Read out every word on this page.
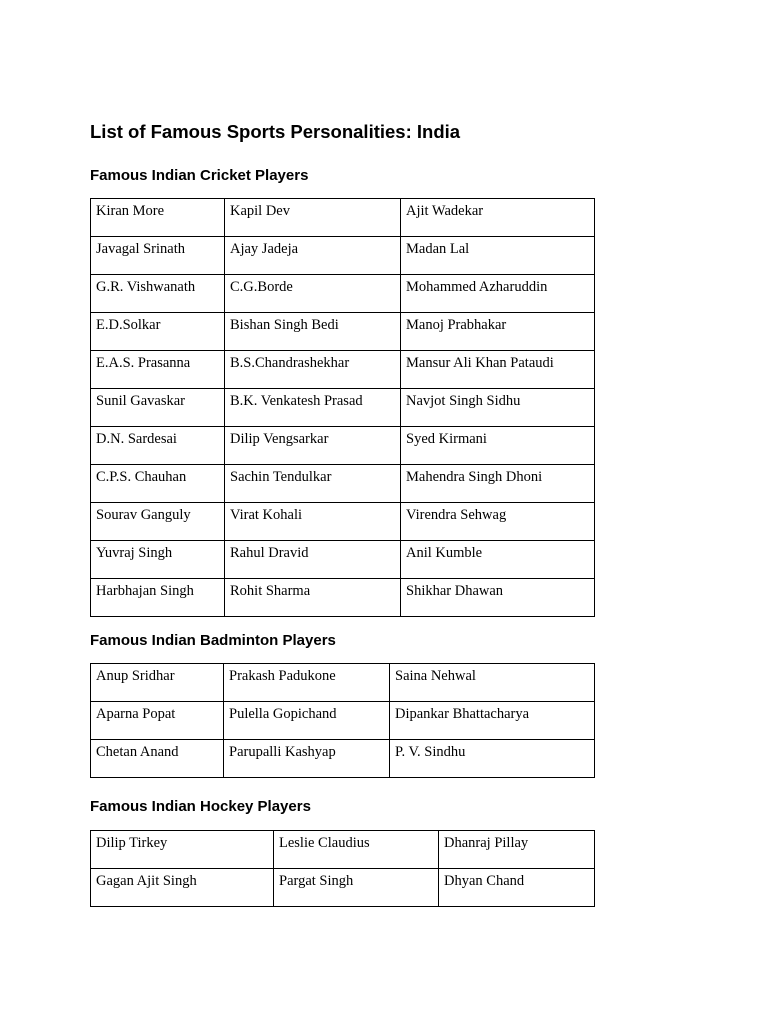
List of Famous Sports Personalities: India
Famous Indian Cricket Players
Kiran More	Kapil Dev	Ajit Wadekar
Javagal Srinath	Ajay Jadeja	Madan Lal
G.R. Vishwanath	C.G.Borde	Mohammed Azharuddin
E.D.Solkar	Bishan Singh Bedi	Manoj Prabhakar
E.A.S. Prasanna	B.S.Chandrashekhar	Mansur Ali Khan Pataudi
Sunil Gavaskar	B.K. Venkatesh Prasad	Navjot Singh Sidhu
D.N. Sardesai	Dilip Vengsarkar	Syed Kirmani
C.P.S. Chauhan	Sachin Tendulkar	Mahendra Singh Dhoni
Sourav Ganguly	Virat Kohali	Virendra Sehwag
Yuvraj Singh	Rahul Dravid	Anil Kumble
Harbhajan Singh	Rohit Sharma	Shikhar Dhawan
Famous Indian Badminton Players
Anup Sridhar	Prakash Padukone	Saina Nehwal
Aparna Popat	Pulella Gopichand	Dipankar Bhattacharya
Chetan Anand	Parupalli Kashyap	P. V. Sindhu
Famous Indian Hockey Players
Dilip Tirkey	Leslie Claudius	Dhanraj Pillay
Gagan Ajit Singh	Pargat Singh	Dhyan Chand
